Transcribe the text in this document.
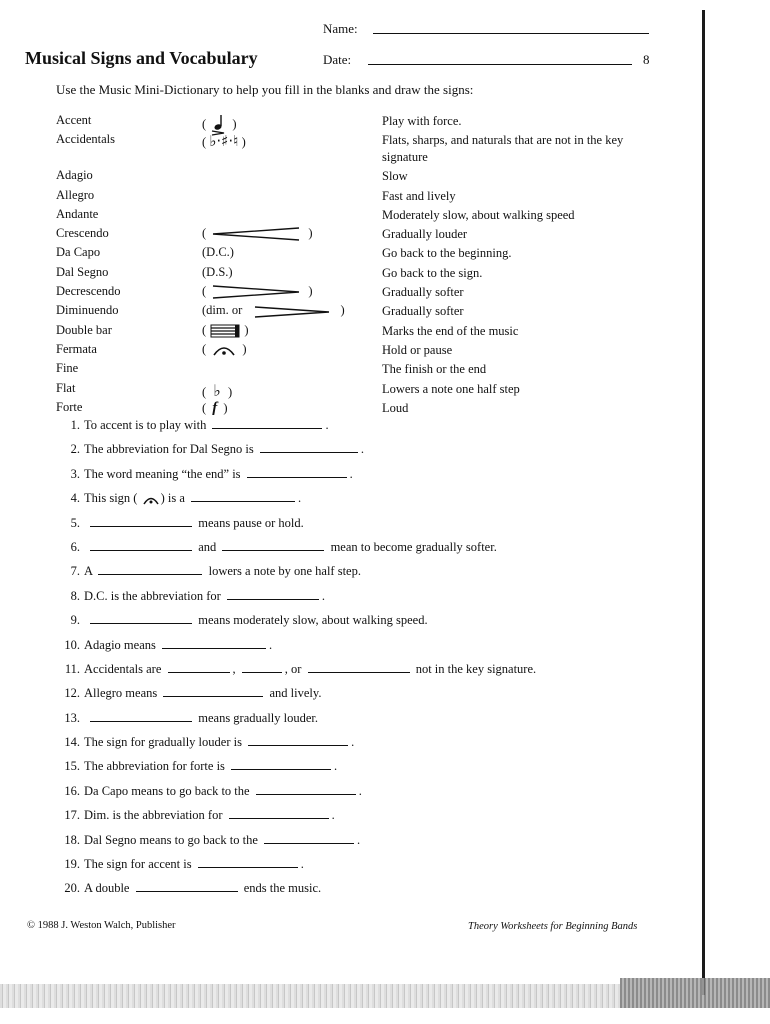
Name:
Musical Signs and Vocabulary	Date:	8
Use the Music Mini-Dictionary to help you fill in the blanks and draw the signs:
Accent	( )	Play with force.
Accidentals	( ♭·♯·♮ )	Flats, sharps, and naturals that are not in the key signature
Adagio	Slow
Allegro	Fast and lively
Andante	Moderately slow, about walking speed
Crescendo	(	)	Gradually louder
Da Capo	(D.C.)	Go back to the beginning.
Dal Segno	(D.S.)	Go back to the sign.
Decrescendo	(	)	Gradually softer
Diminuendo	(dim. or	)	Gradually softer
Double bar	(	)	Marks the end of the music
Fermata	(	)	Hold or pause
Fine	The finish or the end
Flat	( ♭ )	Lowers a note one half step
Forte	( f )	Loud
1. To accent is to play with	.
2. The abbreviation for Dal Segno is	.
3. The word meaning “the end” is	.
4. This sign ( ) is a	.
5.	means pause or hold.
6.	and	mean to become gradually softer.
7. A	lowers a note by one half step.
8. D.C. is the abbreviation for	.
9.	means moderately slow, about walking speed.
10. Adagio means	.
11. Accidentals are	,	, or	not in the key signature.
12. Allegro means	and lively.
13.	means gradually louder.
14. The sign for gradually louder is	.
15. The abbreviation for forte is	.
16. Da Capo means to go back to the	.
17. Dim. is the abbreviation for	.
18. Dal Segno means to go back to the	.
19. The sign for accent is	.
20. A double	ends the music.
© 1988 J. Weston Walch, Publisher	Theory Worksheets for Beginning Bands
